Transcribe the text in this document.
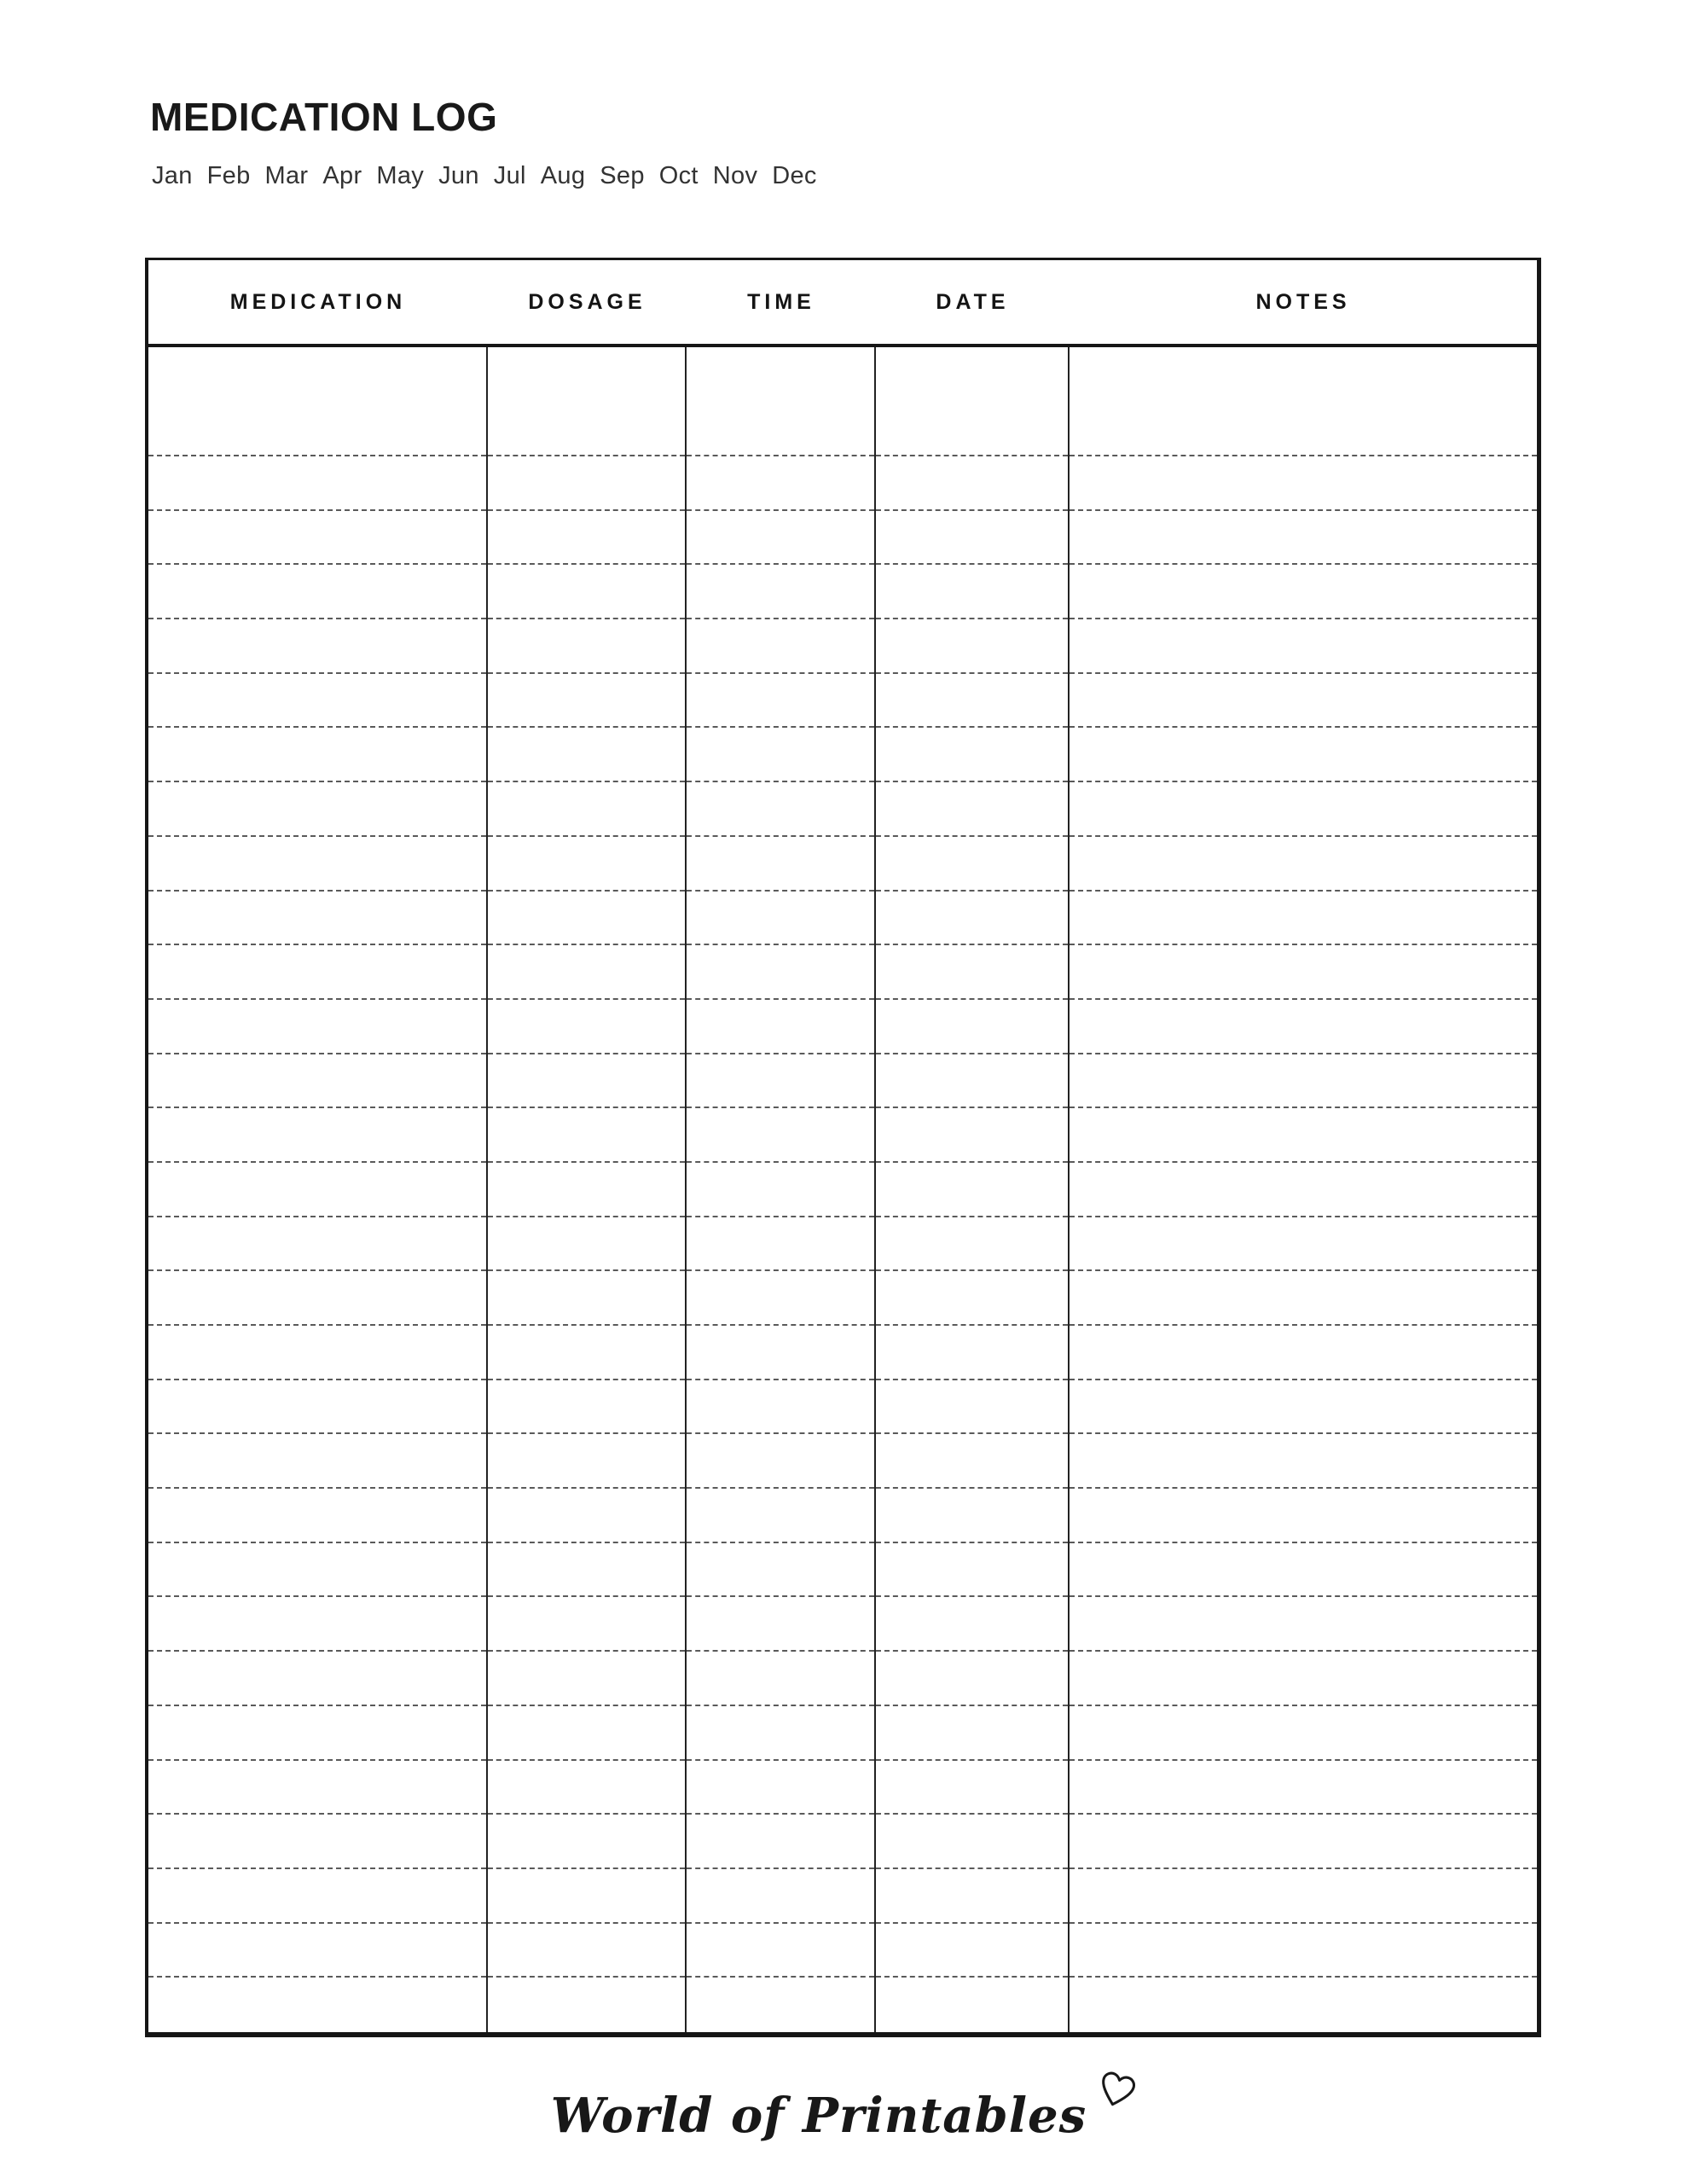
MEDICATION LOG
Jan Feb Mar Apr May Jun Jul Aug Sep Oct Nov Dec
MEDICATION	DOSAGE	TIME	DATE	NOTES
World of Printables
